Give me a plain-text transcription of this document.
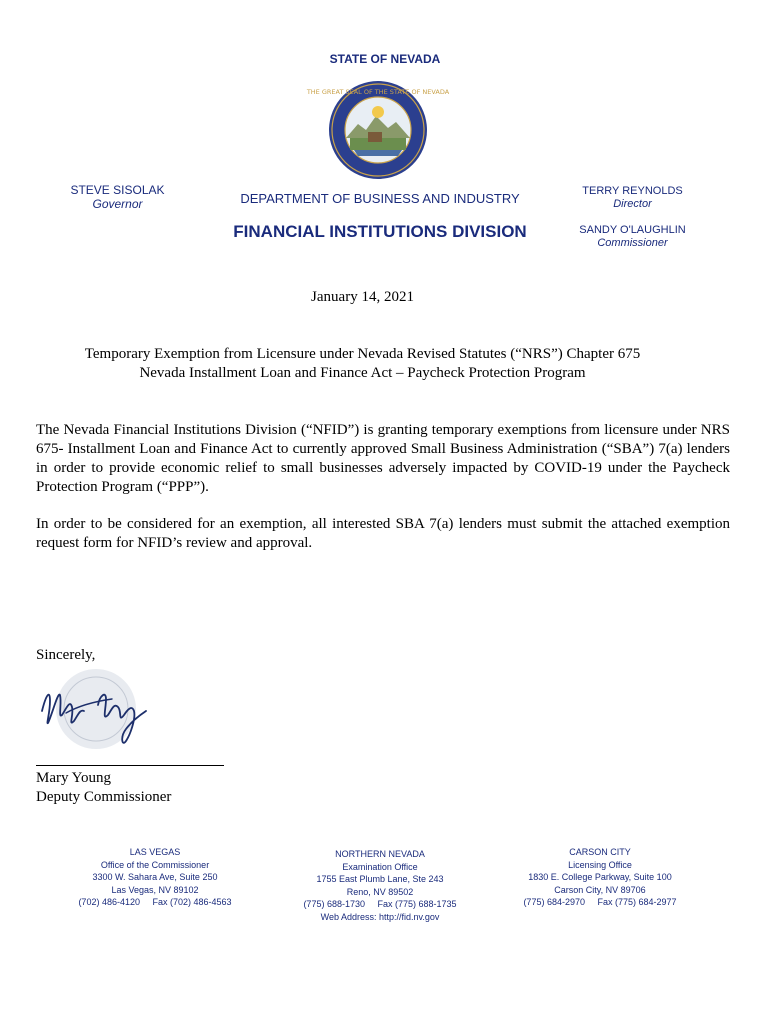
STATE OF NEVADA
THE GREAT SEAL OF THE STATE OF NEVADA
STEVE SISOLAK
Governor	DEPARTMENT OF BUSINESS AND INDUSTRY
FINANCIAL INSTITUTIONS DIVISION
TERRY REYNOLDS
Director
SANDY O'LAUGHLIN
Commissioner
January 14, 2021
Temporary Exemption from Licensure under Nevada Revised Statutes (“NRS”) Chapter 675
Nevada Installment Loan and Finance Act – Paycheck Protection Program
The Nevada Financial Institutions Division (“NFID”) is granting temporary exemptions from licensure under NRS 675- Installment Loan and Finance Act to currently approved Small Business Administration (“SBA”) 7(a) lenders in order to provide economic relief to small businesses adversely impacted by COVID-19 under the Paycheck Protection Program (“PPP”).
In order to be considered for an exemption, all interested SBA 7(a) lenders must submit the attached exemption request form for NFID’s review and approval.
Sincerely,
Mary Young
Deputy Commissioner
LAS VEGAS
Office of the Commissioner
3300 W. Sahara Ave, Suite 250
Las Vegas, NV 89102
(702) 486-4120     Fax (702) 486-4563
NORTHERN NEVADA
Examination Office
1755 East Plumb Lane, Ste 243
Reno, NV 89502
(775) 688-1730     Fax (775) 688-1735
Web Address: http://fid.nv.gov
CARSON CITY
Licensing Office
1830 E. College Parkway, Suite 100
Carson City, NV 89706
(775) 684-2970     Fax (775) 684-2977
